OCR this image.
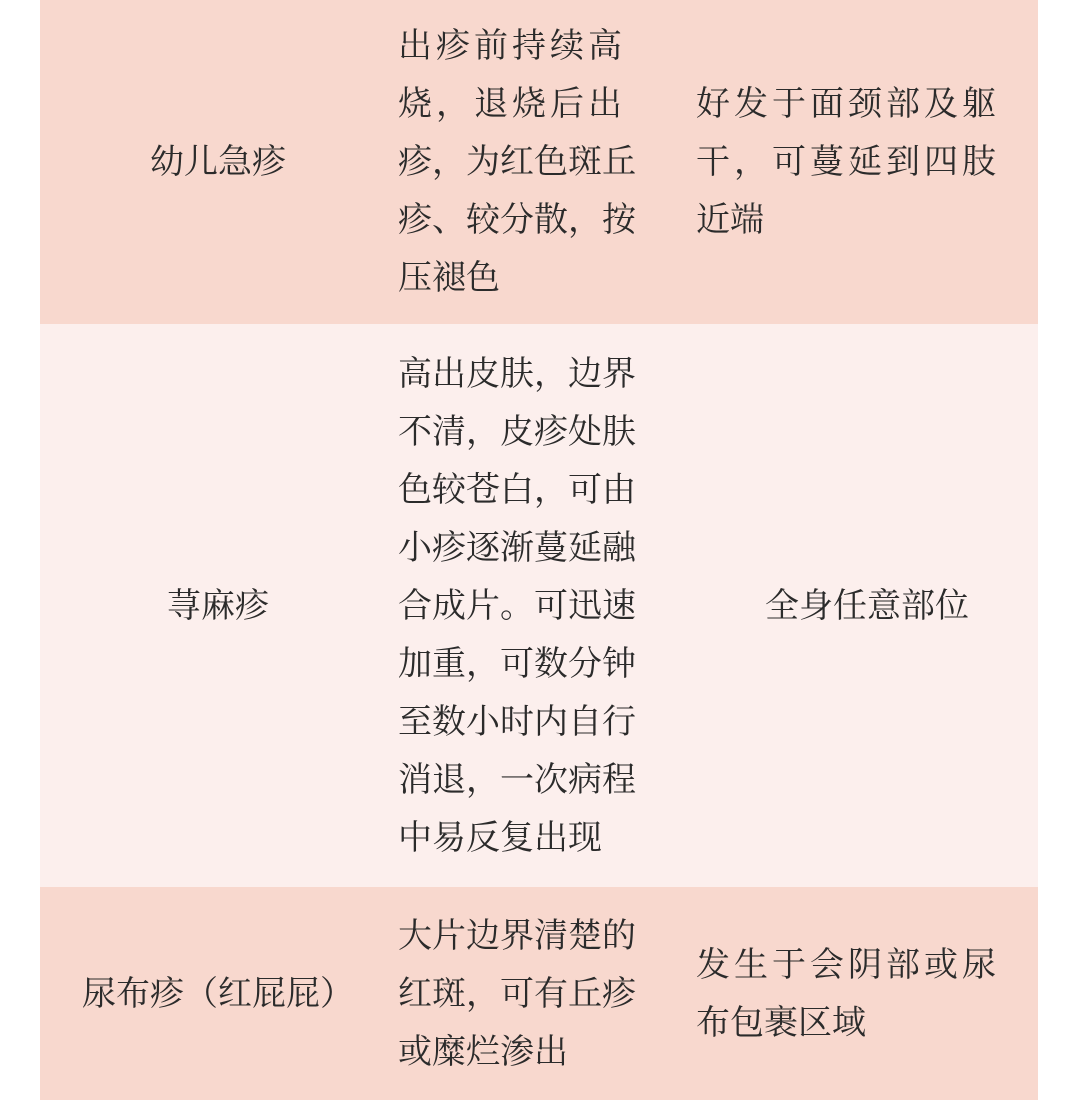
幼儿急疹
出疹前持续高
烧，退烧后出
疹，为红色斑丘
疹、较分散，按
压褪色
好发于面颈部及躯
干，可蔓延到四肢
近端
荨麻疹
高出皮肤，边界
不清，皮疹处肤
色较苍白，可由
小疹逐渐蔓延融
合成片。可迅速
加重，可数分钟
至数小时内自行
消退，一次病程
中易反复出现
全身任意部位
尿布疹（红屁屁）
大片边界清楚的
红斑，可有丘疹
或糜烂渗出
发生于会阴部或尿
布包裹区域
